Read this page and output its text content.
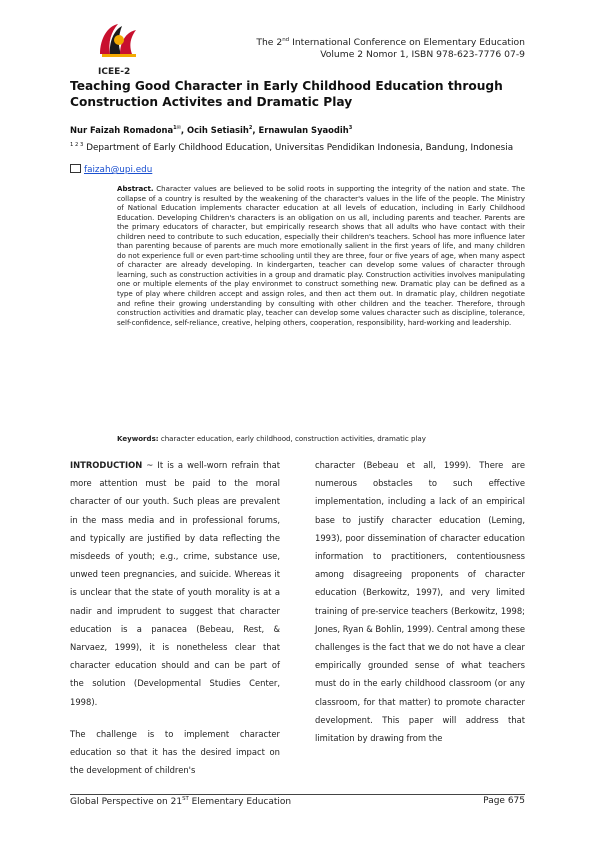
The 2nd International Conference on Elementary Education
Volume 2 Nomor 1, ISBN 978-623-7776 07-9
ICEE-2
Teaching Good Character in Early Childhood Education through Construction Activites and Dramatic Play
Nur Faizah Romadona$^{1✉}$, Ocih Setiasih$^2$, Ernawulan Syaodih$^3$
$^{1 2 3}$ Department of Early Childhood Education, Universitas Pendidikan Indonesia, Bandung, Indonesia
faizah@upi.edu
Abstract. Character values are believed to be solid roots in supporting the integrity of the nation and state. The collapse of a country is resulted by the weakening of the character's values in the life of the people. The Ministry of National Education implements character education at all levels of education, including in Early Childhood Education. Developing Children's characters is an obligation on us all, including parents and teacher. Parents are the primary educators of character, but empirically research shows that all adults who have contact with their children need to contribute to such education, especially their children's teachers. School has more influence later than parenting because of parents are much more emotionally salient in the first years of life, and many children do not experience full or even part-time schooling until they are three, four or five years of age, when many aspect of character are already developing. In kindergarten, teacher can develop some values of character through learning, such as construction activities in a group and dramatic play. Construction activities involves manipulating one or multiple elements of the play environmet to construct something new. Dramatic play can be defined as a type of play where children accept and assign roles, and then act them out. In dramatic play, children negotiate and refine their growing understanding by consulting with other children and the teacher. Therefore, through construction activities and dramatic play, teacher can develop some values character such as discipline, tolerance, self-confidence, self-reliance, creative, helping others, cooperation, responsibility, hard-working and leadership.
Keywords: character education, early childhood, construction activities, dramatic play

INTRODUCTION ~ It is a well-worn refrain that more attention must be paid to the moral character of our youth. Such pleas are prevalent in the mass media and in professional forums, and typically are justified by data reflecting the misdeeds of youth; e.g., crime, substance use, unwed teen pregnancies, and suicide. Whereas it is unclear that the state of youth morality is at a nadir and imprudent to suggest that character education is a panacea (Bebeau, Rest, & Narvaez, 1999), it is nonetheless clear that character education should and can be part of the solution (Developmental Studies Center, 1998).

The challenge is to implement character education so that it has the desired impact on the development of children's

character (Bebeau et all, 1999). There are numerous obstacles to such effective implementation, including a lack of an empirical base to justify character education (Leming, 1993), poor dissemination of character education information to practitioners, contentiousness among disagreeing proponents of character education (Berkowitz, 1997), and very limited training of pre-service teachers (Berkowitz, 1998; Jones, Ryan & Bohlin, 1999). Central among these challenges is the fact that we do not have a clear empirically grounded sense of what teachers must do in the early childhood classroom (or any classroom, for that matter) to promote character development. This paper will address that limitation by drawing from the

Global Perspective on 21ST Elementary Education	Page 675
